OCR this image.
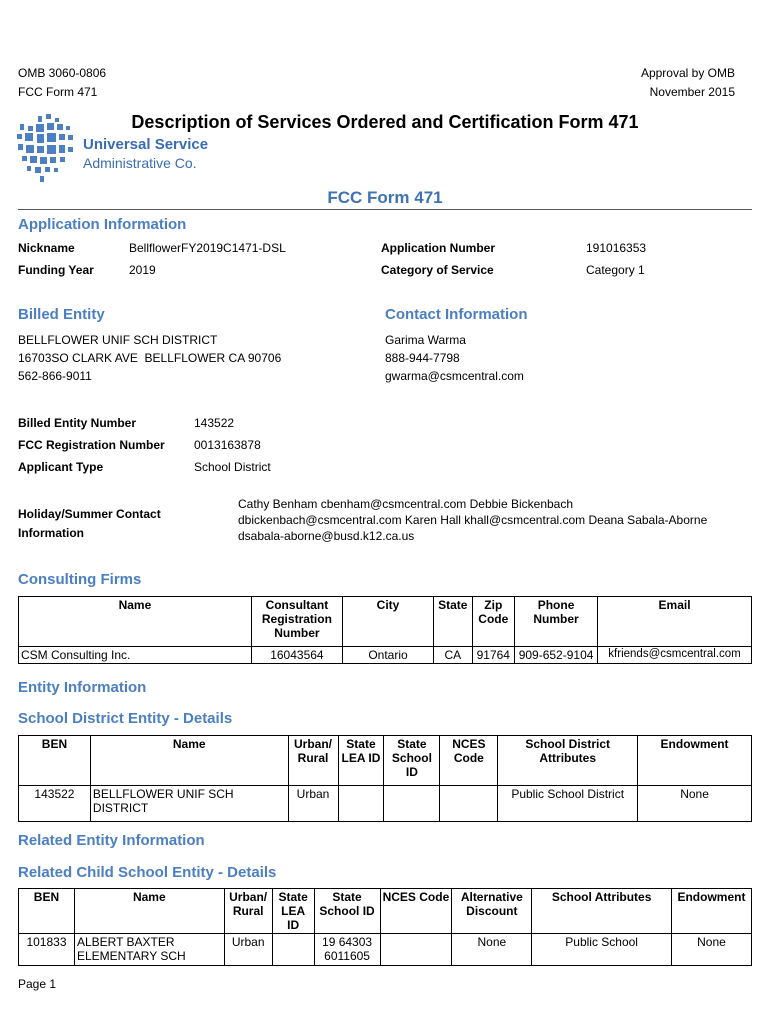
OMB 3060-0806
FCC Form 471
Approval by OMB
November 2015
Universal Service
Administrative Co.
Description of Services Ordered and Certification Form 471
FCC Form 471
Application Information
Nickname	BellflowerFY2019C1471-DSL
Funding Year	2019
Application Number	191016353
Category of Service	Category 1
Billed Entity
BELLFLOWER UNIF SCH DISTRICT
16703SO CLARK AVE  BELLFLOWER CA 90706
562-866-9011
Contact Information
Garima Warma
888-944-7798
gwarma@csmcentral.com
Billed Entity Number	143522
FCC Registration Number 0013163878
Applicant Type	School District
Holiday/Summer Contact
Information
Cathy Benham cbenham@csmcentral.com Debbie Bickenbach
dbickenbach@csmcentral.com Karen Hall khall@csmcentral.com Deana Sabala-Aborne
dsabala-aborne@busd.k12.ca.us
Consulting Firms
Name	Consultant Registration Number	City	State	Zip Code	Phone Number	Email
CSM Consulting Inc.	16043564	Ontario	CA	91764	909-652-9104	kfriends@csmcentral.com
Entity Information
School District Entity - Details
BEN	Name	Urban/ Rural	State LEA ID	State School ID	NCES Code	School District Attributes	Endowment
143522	BELLFLOWER UNIF SCH DISTRICT	Urban				Public School District	None
Related Entity Information
Related Child School Entity - Details
BEN	Name	Urban/ Rural	State LEA ID	State School ID	NCES Code	Alternative Discount	School Attributes	Endowment
101833	ALBERT BAXTER ELEMENTARY SCH	Urban		19 64303 6011605		None	Public School	None
Page 1
